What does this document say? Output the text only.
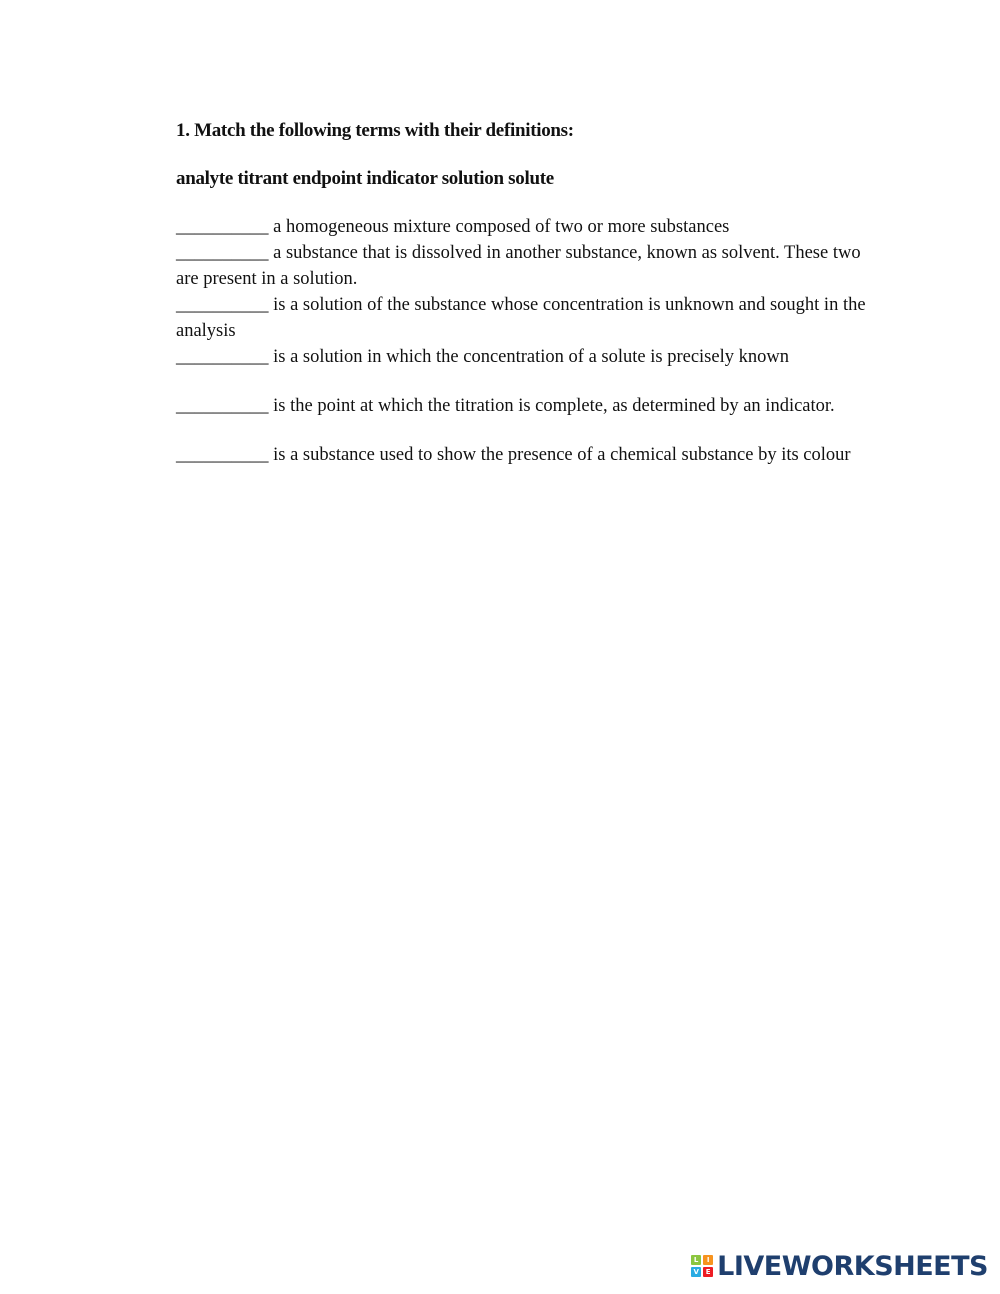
1. Match the following terms with their definitions:

analyte titrant endpoint indicator solution solute

__________ a homogeneous mixture composed of two or more substances

__________ a substance that is dissolved in another substance, known as solvent. These two are present in a solution.

__________ is a solution of the substance whose concentration is unknown and sought in the analysis

__________ is a solution in which the concentration of a solute is precisely known

__________ is the point at which the titration is complete, as determined by an indicator.

__________ is a substance used to show the presence of a chemical substance by its colour

L	I
V E LIVEWORKSHEETS
